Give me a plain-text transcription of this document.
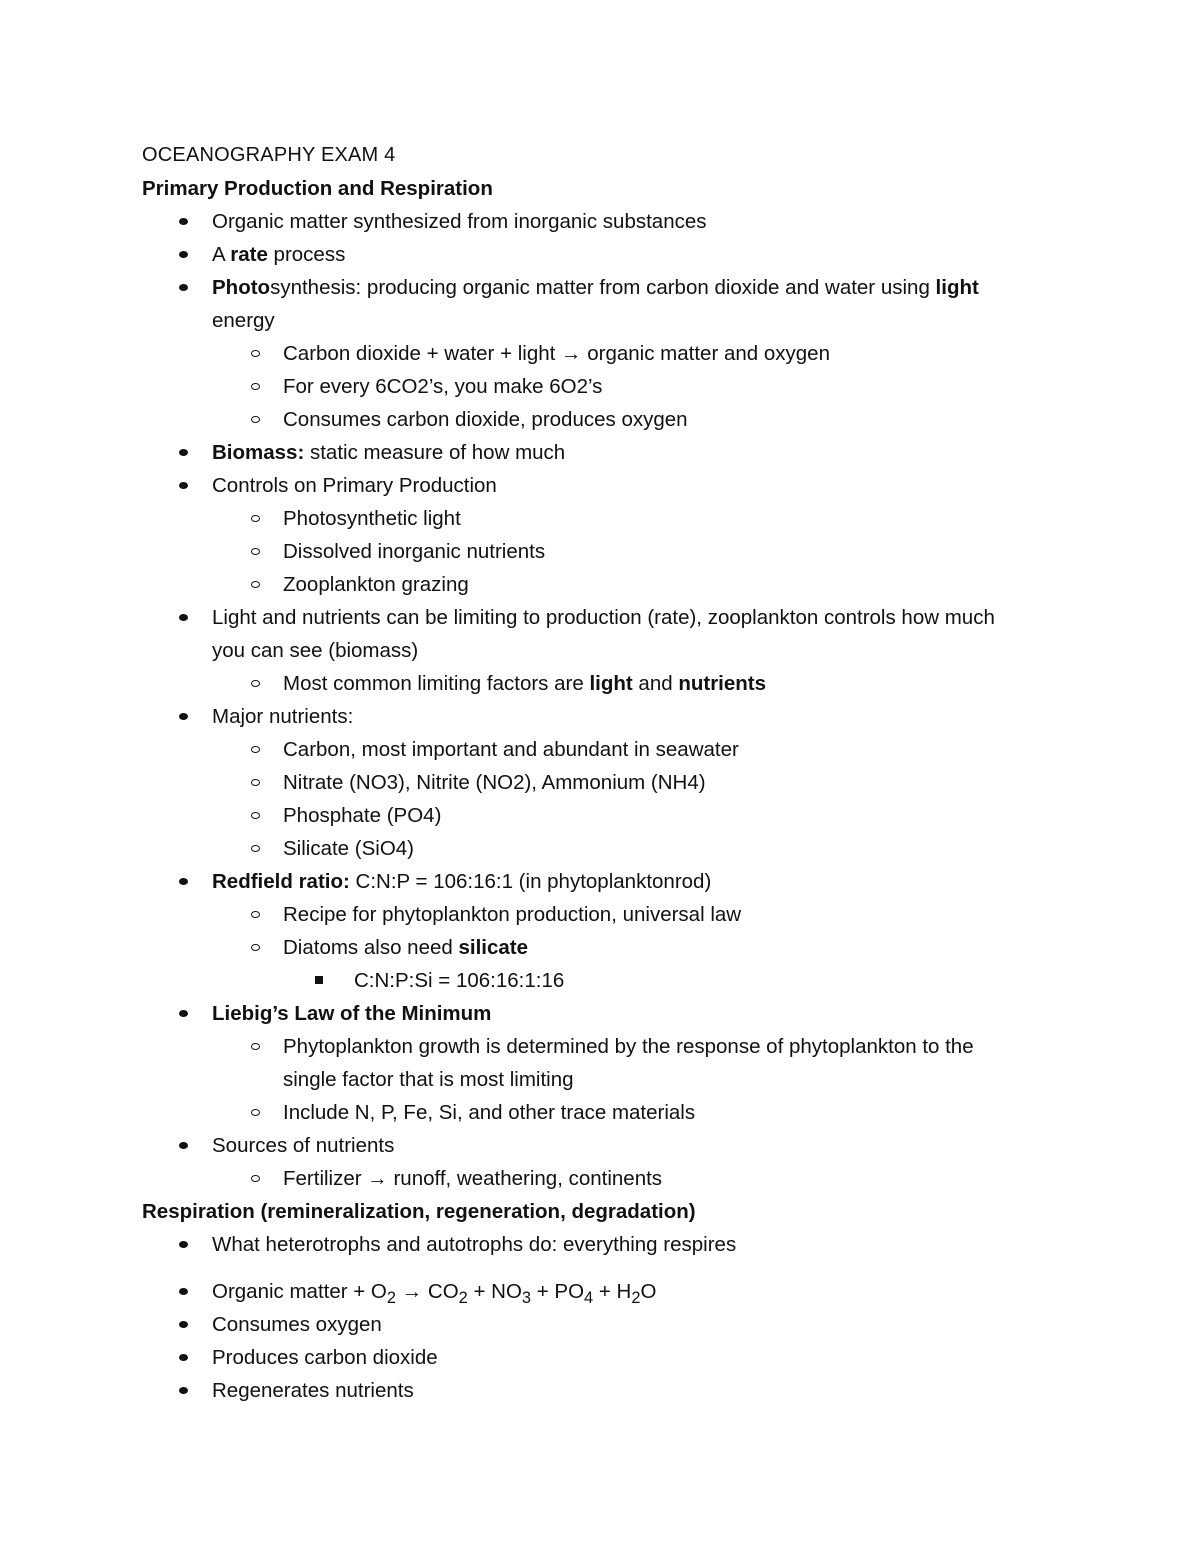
OCEANOGRAPHY EXAM 4

Primary Production and Respiration

Organic matter synthesized from inorganic substances
A rate process
Photosynthesis: producing organic matter from carbon dioxide and water using light
energy
Carbon dioxide + water + light → organic matter and oxygen
For every 6CO2’s, you make 6O2’s
Consumes carbon dioxide, produces oxygen
Biomass: static measure of how much
Controls on Primary Production
Photosynthetic light
Dissolved inorganic nutrients
Zooplankton grazing
Light and nutrients can be limiting to production (rate), zooplankton controls how much
you can see (biomass)
Most common limiting factors are light and nutrients
Major nutrients:
Carbon, most important and abundant in seawater
Nitrate (NO3), Nitrite (NO2), Ammonium (NH4)
Phosphate (PO4)
Silicate (SiO4)
Redfield ratio: C:N:P = 106:16:1 (in phytoplanktonrod)
Recipe for phytoplankton production, universal law
Diatoms also need silicate
C:N:P:Si = 106:16:1:16
Liebig’s Law of the Minimum
Phytoplankton growth is determined by the response of phytoplankton to the
single factor that is most limiting
Include N, P, Fe, Si, and other trace materials
Sources of nutrients
Fertilizer → runoff, weathering, continents

Respiration (remineralization, regeneration, degradation)

What heterotrophs and autotrophs do: everything respires
Organic matter + $O_2 \to CO_2 + NO_3 + PO_4 + H_2O$
Consumes oxygen
Produces carbon dioxide
Regenerates nutrients
